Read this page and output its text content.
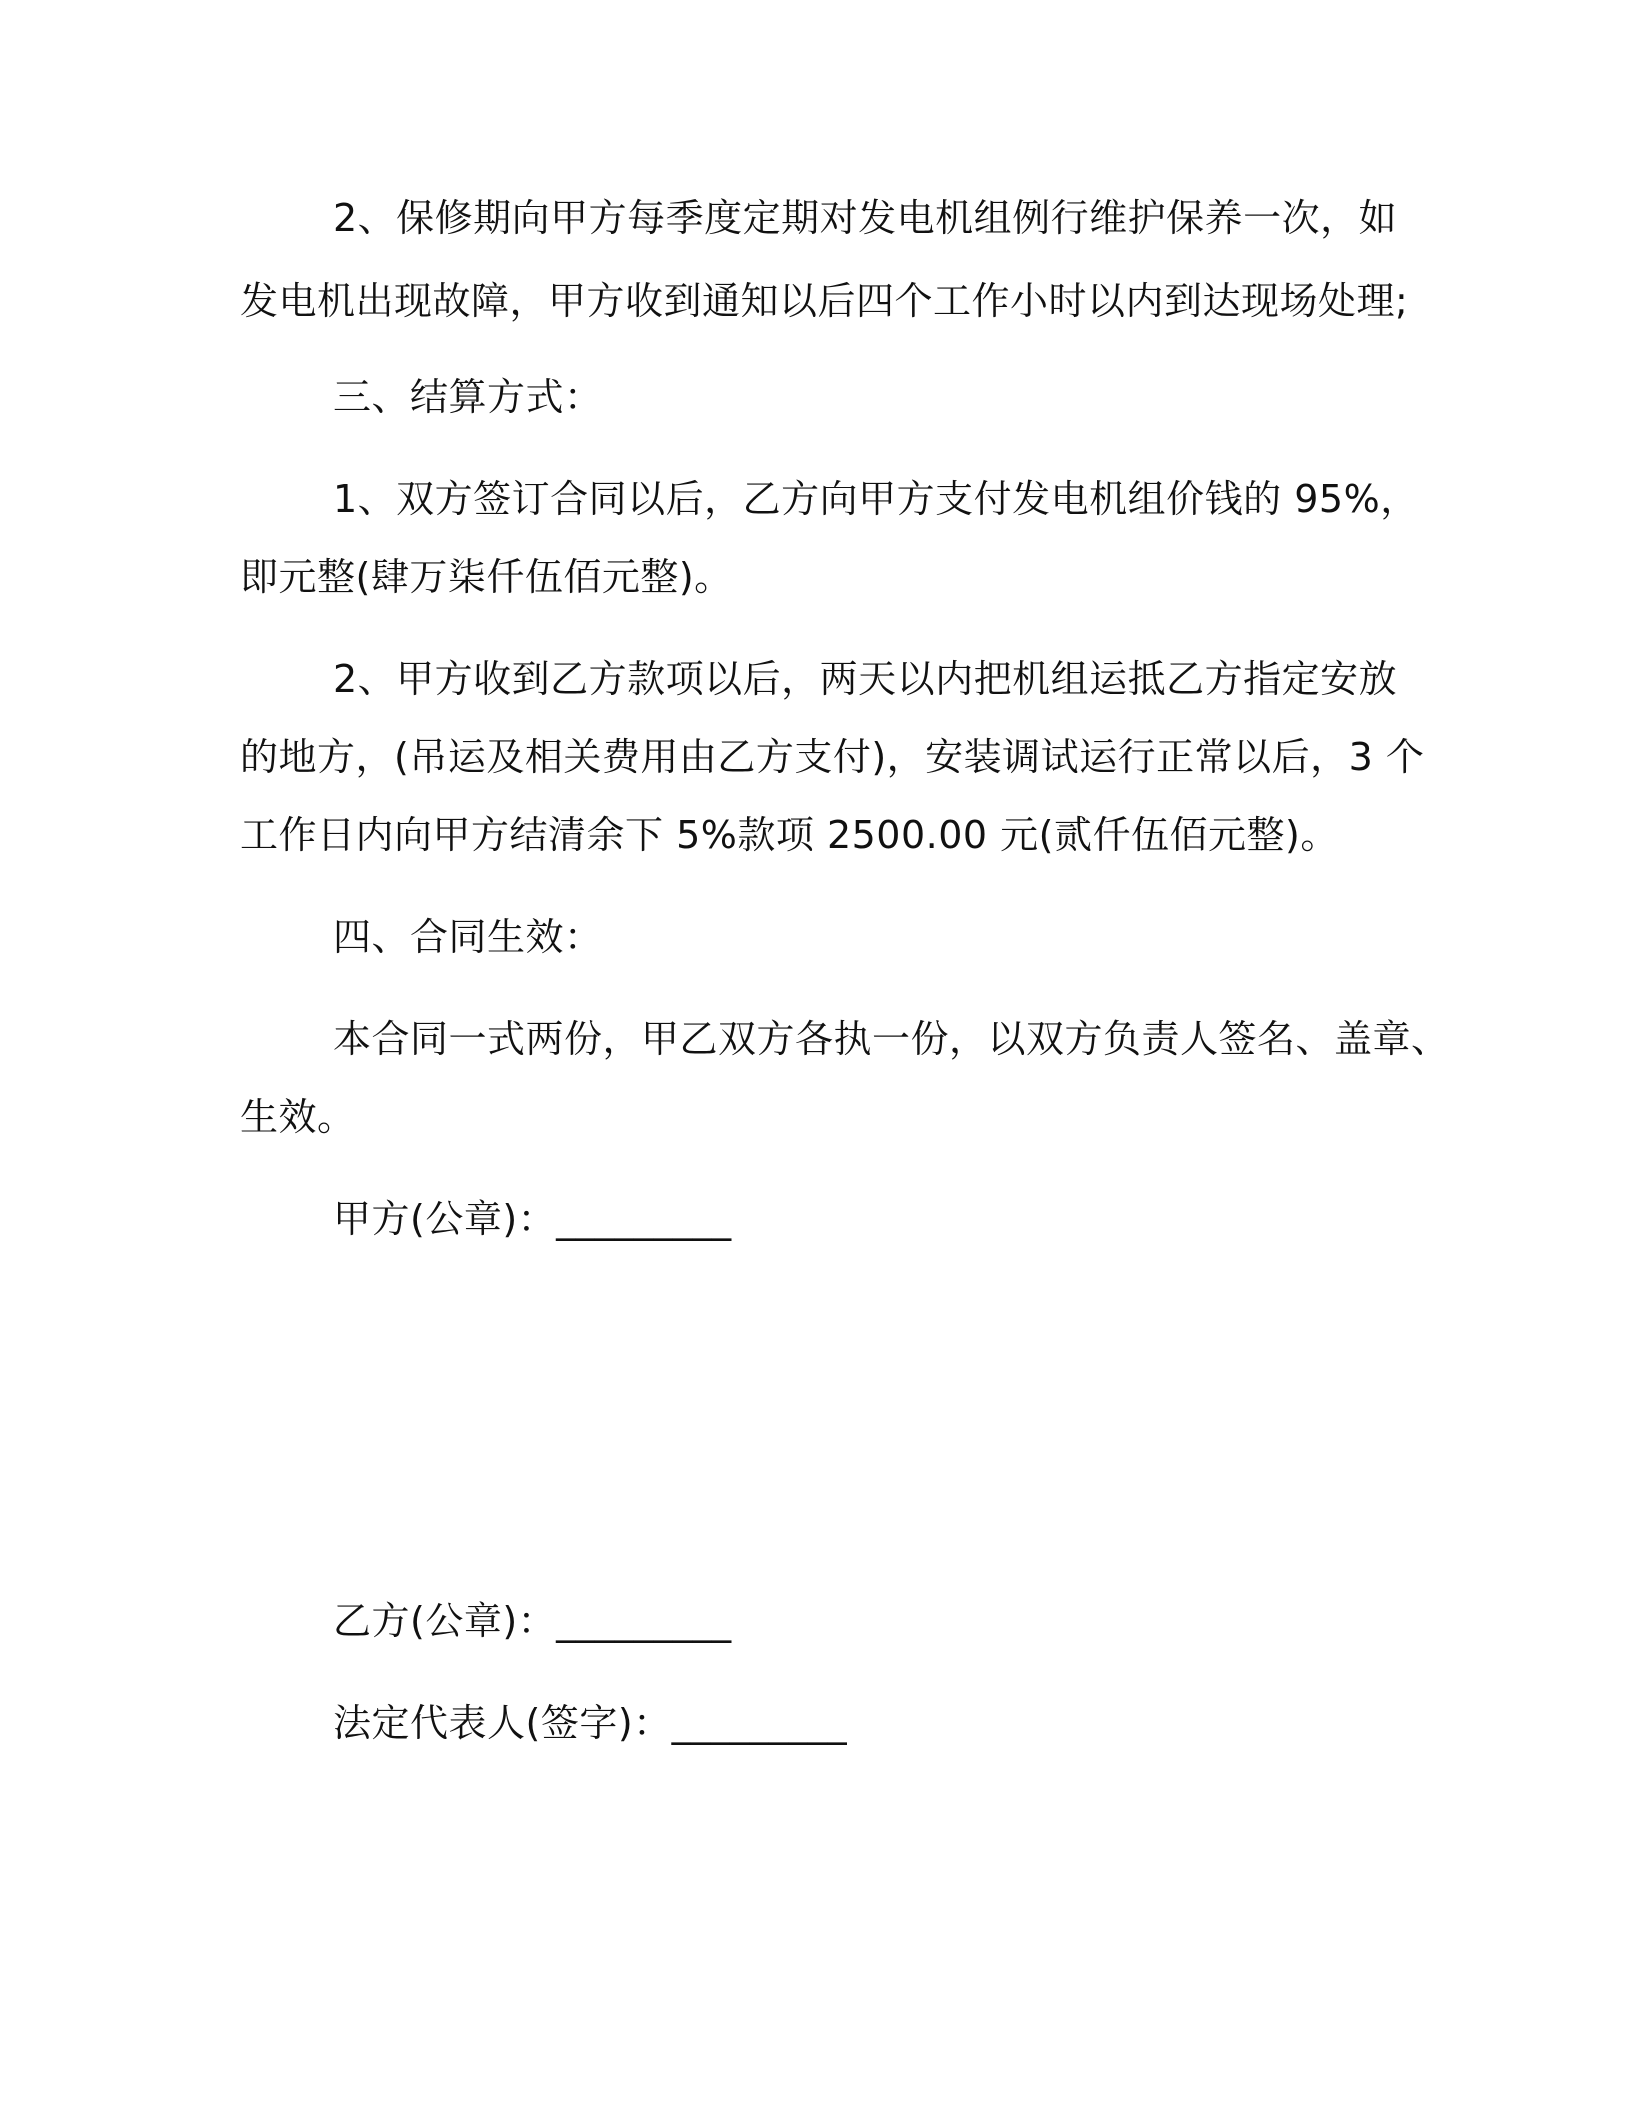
2、保修期向甲方每季度定期对发电机组例行维护保养一次，如
发电机出现故障，甲方收到通知以后四个工作小时以内到达现场处理;
三、结算方式：
1、双方签订合同以后，乙方向甲方支付发电机组价钱的 95%，
即元整(肆万柒仟伍佰元整)。
2、甲方收到乙方款项以后，两天以内把机组运抵乙方指定安放
的地方，(吊运及相关费用由乙方支付)，安装调试运行正常以后，3 个
工作日内向甲方结清余下 5%款项 2500.00 元(贰仟伍佰元整)。
四、合同生效：
本合同一式两份，甲乙双方各执一份，以双方负责人签名、盖章、
生效。
甲方(公章)：_________
乙方(公章)：_________
法定代表人(签字)：_________
